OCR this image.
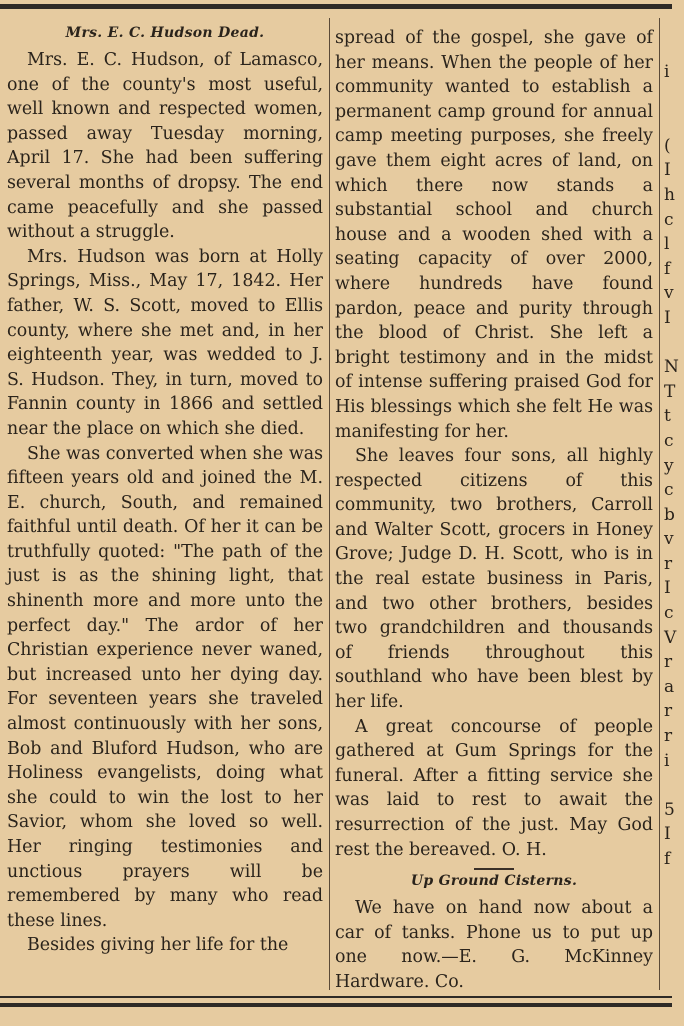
Mrs. E. C. Hudson Dead.

Mrs. E. C. Hudson, of Lamasco, one of the county's most useful, well known and respected women, passed away Tuesday morning, April 17. She had been suffering several months of dropsy. The end came peacefully and she passed without a struggle.

Mrs. Hudson was born at Holly Springs, Miss., May 17, 1842. Her father, W. S. Scott, moved to Ellis county, where she met and, in her eighteenth year, was wedded to J. S. Hudson. They, in turn, moved to Fannin county in 1866 and settled near the place on which she died.

She was converted when she was fifteen years old and joined the M. E. church, South, and remained faithful until death. Of her it can be truthfully quoted: "The path of the just is as the shining light, that shinenth more and more unto the perfect day." The ardor of her Christian experience never waned, but increased unto her dying day. For seventeen years she traveled almost continuously with her sons, Bob and Bluford Hudson, who are Holiness evangelists, doing what she could to win the lost to her Savior, whom she loved so well. Her ringing testimonies and unctious prayers will be remembered by many who read these lines.

Besides giving her life for the

spread of the gospel, she gave of her means. When the people of her community wanted to establish a permanent camp ground for annual camp meeting purposes, she freely gave them eight acres of land, on which there now stands a substantial school and church house and a wooden shed with a seating capacity of over 2000, where hundreds have found pardon, peace and purity through the blood of Christ. She left a bright testimony and in the midst of intense suffering praised God for His blessings which she felt He was manifesting for her.

She leaves four sons, all highly respected citizens of this community, two brothers, Carroll and Walter Scott, grocers in Honey Grove; Judge D. H. Scott, who is in the real estate business in Paris, and two other brothers, besides two grandchildren and thousands of friends throughout this southland who have been blest by her life.

A great concourse of people gathered at Gum Springs for the funeral. After a fitting service she was laid to rest to await the resurrection of the just. May God rest the bereaved. O. H.

Up Ground Cisterns.

We have on hand now about a car of tanks. Phone us to put up one now.—E. G. McKinney Hardware. Co.

i

(
I
h
c
l
f
v
I

N
T
t
c
y
c
b
v
r
I
c
V
r
a
r
r
i

5
I
f
